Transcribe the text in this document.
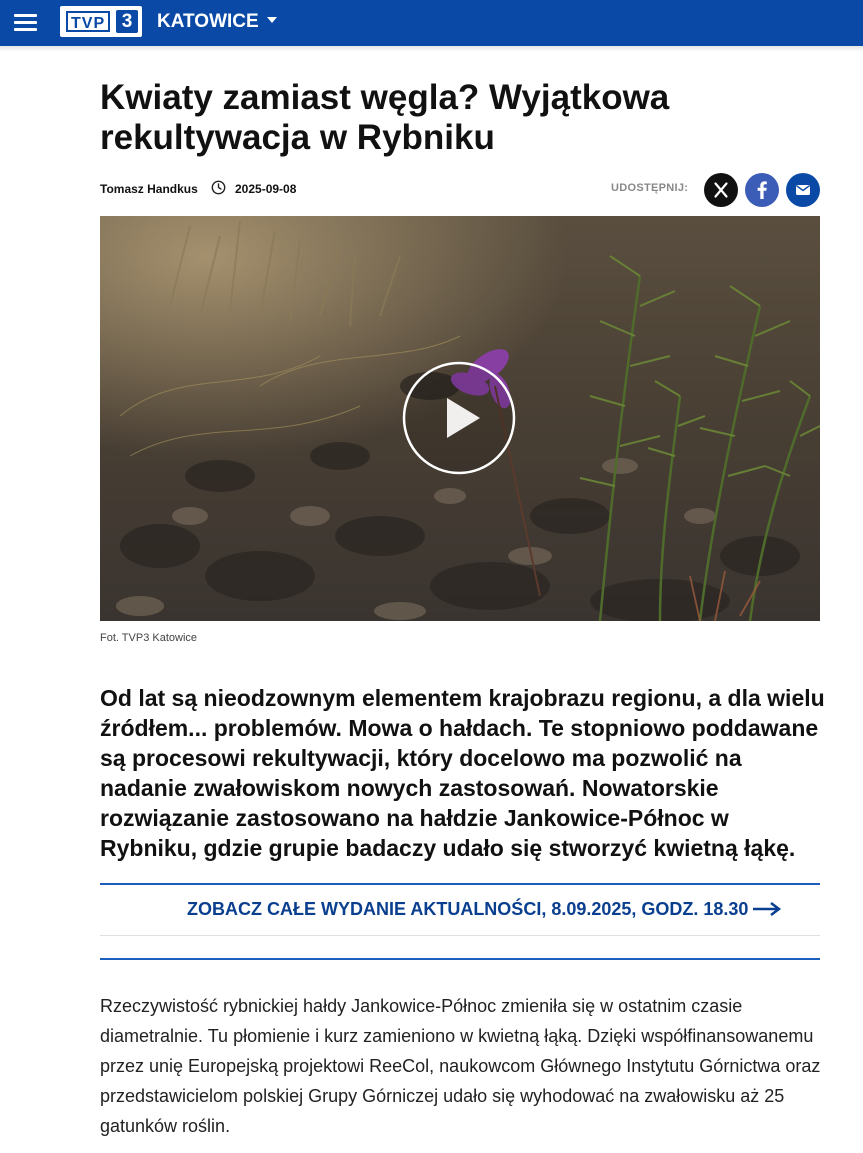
TVP 3	KATOWICE
Kwiaty zamiast węgla? Wyjątkowa rekultywacja w Rybniku
Tomasz Handkus	2025-09-08	UDOSTĘPNIJ:
Fot. TVP3 Katowice

Od lat są nieodzownym elementem krajobrazu regionu, a dla wielu źródłem... problemów. Mowa o hałdach. Te stopniowo poddawane są procesowi rekultywacji, który docelowo ma pozwolić na nadanie zwałowiskom nowych zastosowań. Nowatorskie rozwiązanie zastosowano na hałdzie Jankowice-Północ w Rybniku, gdzie grupie badaczy udało się stworzyć kwietną łąkę.

ZOBACZ CAŁE WYDANIE AKTUALNOŚCI, 8.09.2025, GODZ. 18.30

Rzeczywistość rybnickiej hałdy Jankowice-Północ zmieniła się w ostatnim czasie diametralnie. Tu płomienie i kurz zamieniono w kwietną łąką. Dzięki współfinansowanemu przez unię Europejską projektowi ReeCol, naukowcom Głównego Instytutu Górnictwa oraz przedstawicielom polskiej Grupy Górniczej udało się wyhodować na zwałowisku aż 25 gatunków roślin.
